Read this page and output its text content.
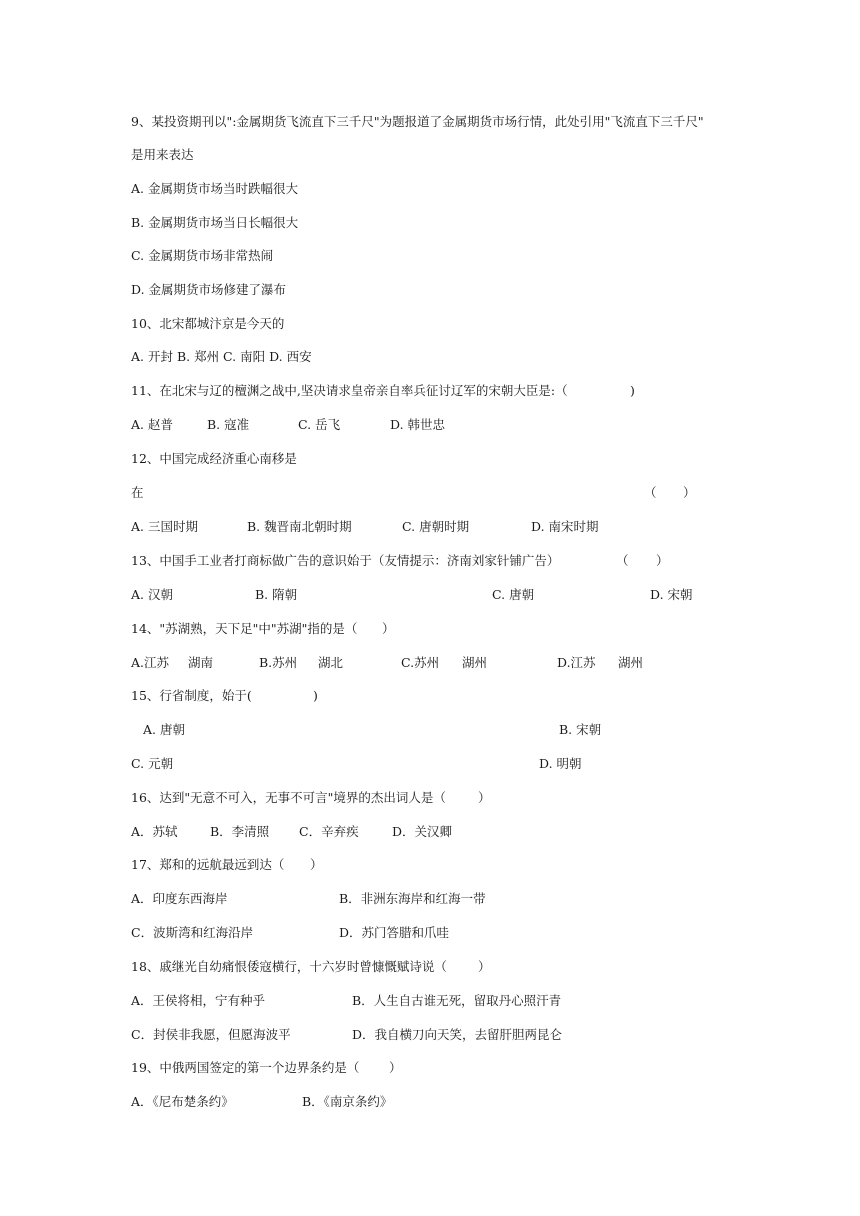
9、某投资期刊以":金属期货飞流直下三千尺"为题报道了金属期货市场行情，此处引用"飞流直下三千尺"
是用来表达
A. 金属期货市场当时跌幅很大
B. 金属期货市场当日长幅很大
C. 金属期货市场非常热闹
D. 金属期货市场修建了瀑布
10、北宋都城汴京是今天的
A. 开封 B. 郑州 C. 南阳 D. 西安

11、在北宋与辽的檀渊之战中,坚决请求皇帝亲自率兵征讨辽军的宋朝大臣是:（

	)

A. 赵普

	B. 寇准

	C. 岳飞

	D. 韩世忠

12、中国完成经济重心南移是

在

	（

）

A. 三国时期

	B. 魏晋南北朝时期

	C. 唐朝时期

	D. 南宋时期

13、中国手工业者打商标做广告的意识始于（友情提示：济南刘家针铺广告）

	（

）

A. 汉朝

	B. 隋朝

	C. 唐朝

	D. 宋朝

14、"苏湖熟，天下足"中"苏湖"指的是（

）

A.江苏

湖南

	B.苏州

湖北

	C.苏州

湖州

	D.江苏

湖州

15、行省制度，始于(

	)

A. 唐朝

	B. 宋朝

C. 元朝

	D. 明朝

16、达到"无意不可入，无事不可言"境界的杰出词人是（

	）

A．苏轼

	B．李清照

C．辛弃疾

	D．关汉卿

17、郑和的远航最远到达（

）

A．印度东西海岸

	B．非洲东海岸和红海一带

C．波斯湾和红海沿岸

	D．苏门答腊和爪哇

18、戚继光自幼痛恨倭寇横行，十六岁时曾慷慨赋诗说（

）

A．王侯将相，宁有种乎

	B．人生自古谁无死，留取丹心照汗青

C．封侯非我愿，但愿海波平

	D．我自横刀向天笑，去留肝胆两昆仑

19、中俄两国签定的第一个边界条约是（

）

A．《尼布楚条约》

	B．《南京条约》
